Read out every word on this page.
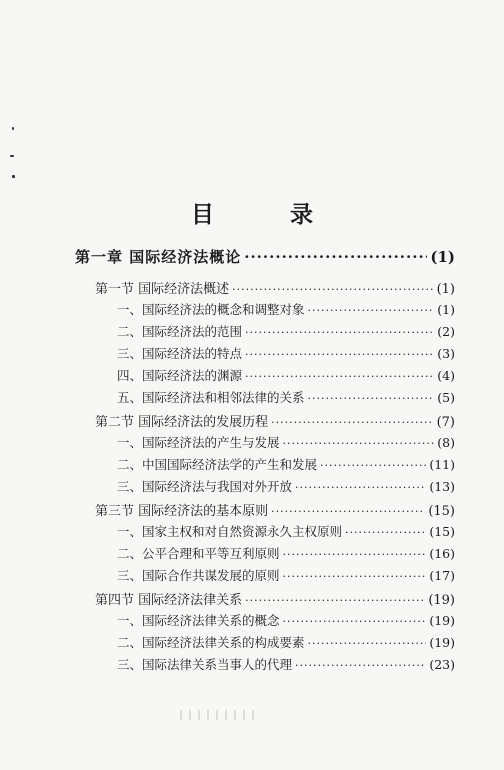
目 录
第一章 国际经济法概论 ·····	(1)
第一节 国际经济法概述 ·····	(1)
一、国际经济法的概念和调整对象 ·····	(1)
二、国际经济法的范围 ·····	(2)
三、国际经济法的特点 ·····	(3)
四、国际经济法的渊源 ·····	(4)
五、国际经济法和相邻法律的关系 ·····	(5)
第二节 国际经济法的发展历程 ·····	(7)
一、国际经济法的产生与发展 ·····	(8)
二、中国国际经济法学的产生和发展 ·····	(11)
三、国际经济法与我国对外开放 ·····	(13)
第三节 国际经济法的基本原则 ·····	(15)
一、国家主权和对自然资源永久主权原则 ·····	(15)
二、公平合理和平等互利原则 ·····	(16)
三、国际合作共谋发展的原则 ·····	(17)
第四节 国际经济法律关系 ·····	(19)
一、国际经济法律关系的概念 ·····	(19)
二、国际经济法律关系的构成要素 ·····	(19)
三、国际法律关系当事人的代理 ·····	(23)
